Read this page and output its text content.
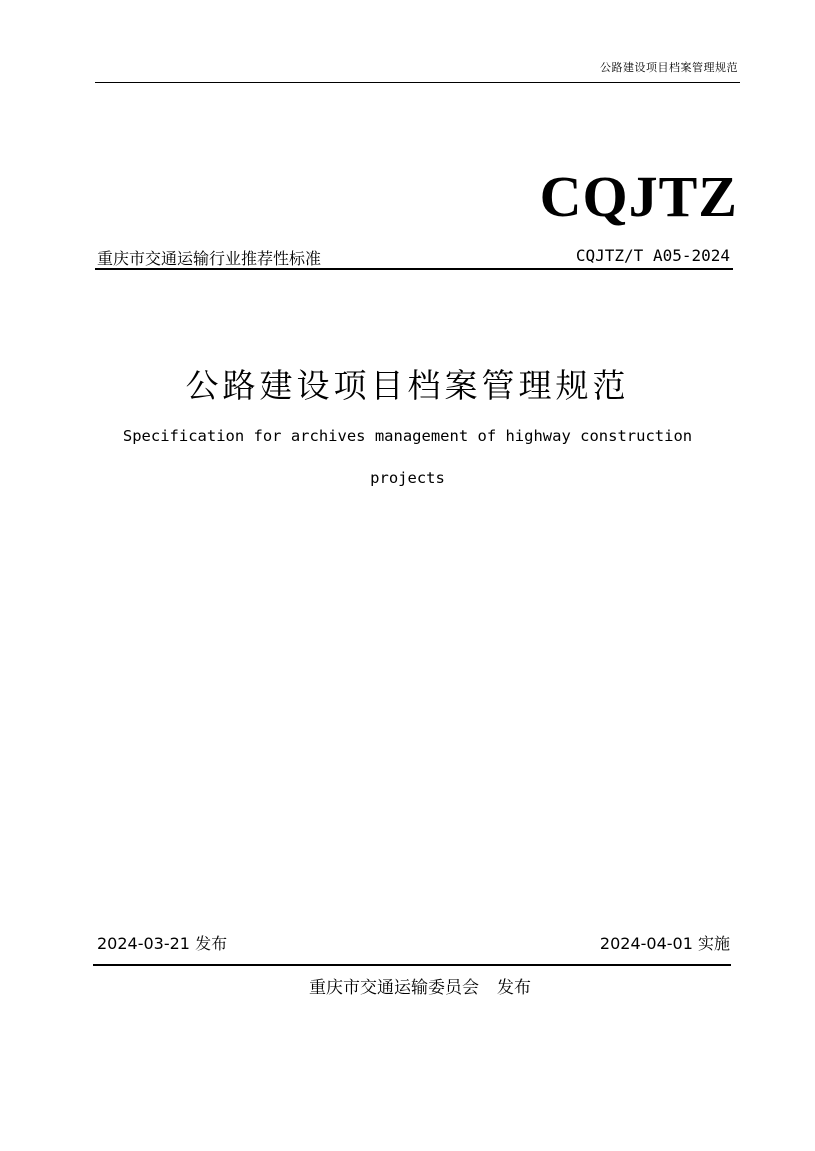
公路建设项目档案管理规范
CQJTZ
重庆市交通运输行业推荐性标准	CQJTZ/T A05-2024
公路建设项目档案管理规范
Specification for archives management of highway construction
projects
2024-03-21 发布	2024-04-01 实施
重庆市交通运输委员会 发布
